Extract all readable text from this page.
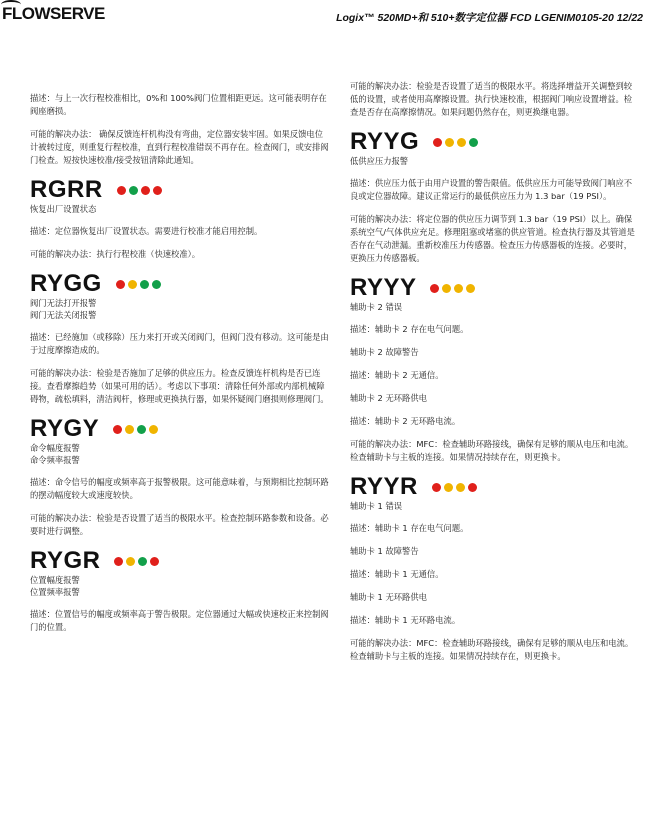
FLOWSERVE	Logix™ 520MD+和 510+数字定位器 FCD LGENIM0105-20 12/22

描述：与上一次行程校准相比，0%和 100%阀门位置相距更远。这可能表明存在阀座磨损。

可能的解决办法： 确保反馈连杆机构没有弯曲，定位器安装牢固。如果反馈电位计被转过度，则重复行程校准，直到行程校准错误不再存在。检查阀门，或安排阀门检查。短按快速校准/接受按钮清除此通知。

RGRR
恢复出厂设置状态

描述：定位器恢复出厂设置状态。需要进行校准才能启用控制。

可能的解决办法：执行行程校准（快速校准）。

RYGG
阀门无法打开报警
阀门无法关闭报警

描述：已经施加（或移除）压力来打开或关闭阀门，但阀门没有移动。这可能是由于过度摩擦造成的。

可能的解决办法：检验是否施加了足够的供应压力。检查反馈连杆机构是否已连接。查看摩擦趋势（如果可用的话）。考虑以下事项：清除任何外部或内部机械障碍物，疏松填料，清洁阀杆，修理或更换执行器，如果怀疑阀门磨损则修理阀门。

RYGY
命令幅度报警
命令频率报警

描述：命令信号的幅度或频率高于报警极限。这可能意味着，与预期相比控制环路的摆动幅度较大或速度较快。

可能的解决办法：检验是否设置了适当的极限水平。检查控制环路参数和设备。必要时进行调整。

RYGR
位置幅度报警
位置频率报警

描述：位置信号的幅度或频率高于警告极限。定位器通过大幅或快速校正来控制阀门的位置。

可能的解决办法：检验是否设置了适当的极限水平。将选择增益开关调整到较低的设置，或者使用高摩擦设置。执行快速校准，根据阀门响应设置增益。检查是否存在高摩擦情况。如果问题仍然存在，则更换继电器。

RYYG
低供应压力报警

描述：供应压力低于由用户设置的警告限值。低供应压力可能导致阀门响应不良或定位器故障。建议正常运行的最低供应压力为 1.3 bar（19 PSI）。

可能的解决办法：将定位器的供应压力调节到 1.3 bar（19 PSI）以上。确保系统空气/气体供应充足。修理阻塞或堵塞的供应管道。检查执行器及其管道是否存在气动泄漏。重新校准压力传感器。检查压力传感器板的连接。必要时，更换压力传感器板。

RYYY
辅助卡 2 错误

描述：辅助卡 2 存在电气问题。

辅助卡 2 故障警告

描述：辅助卡 2 无通信。

辅助卡 2 无环路供电

描述：辅助卡 2 无环路电流。

可能的解决办法：MFC：检查辅助环路接线，确保有足够的顺从电压和电流。检查辅助卡与主板的连接。如果情况持续存在，则更换卡。

RYYR
辅助卡 1 错误

描述：辅助卡 1 存在电气问题。

辅助卡 1 故障警告

描述：辅助卡 1 无通信。

辅助卡 1 无环路供电

描述：辅助卡 1 无环路电流。

可能的解决办法：MFC：检查辅助环路接线，确保有足够的顺从电压和电流。检查辅助卡与主板的连接。如果情况持续存在，则更换卡。
